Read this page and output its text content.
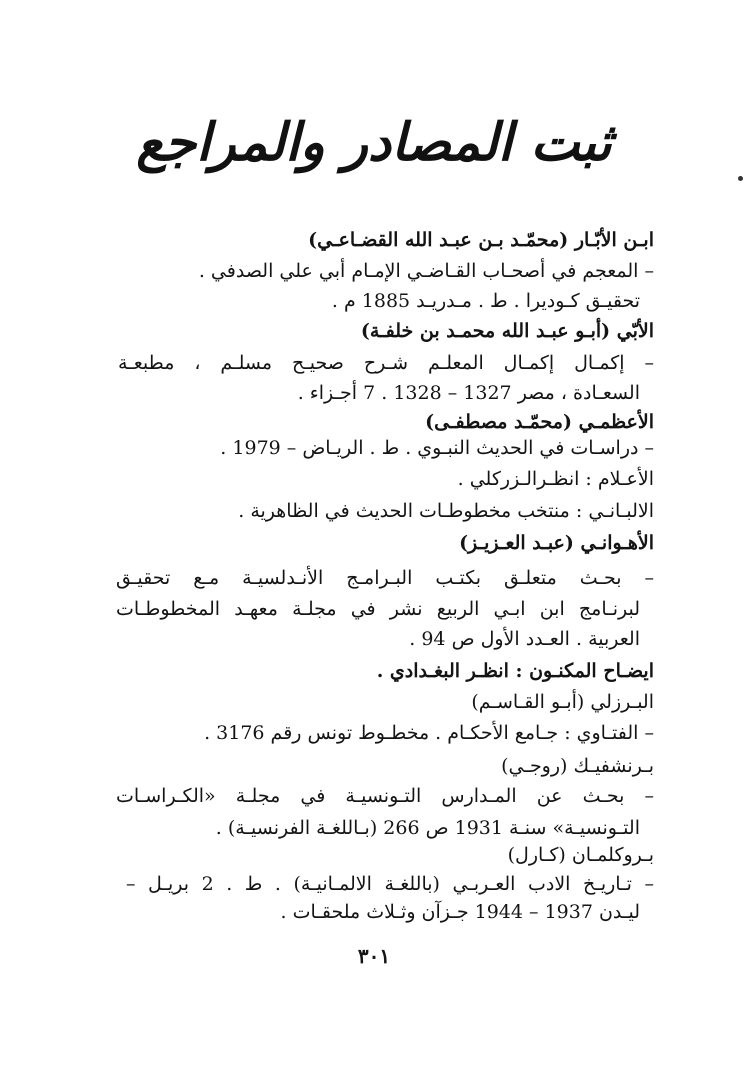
ثبت المصادر والمراجع
ابـن الأبّـار (محمّـد بـن عبـد الله القضـاعـي)
– المعجم في أصحـاب القـاضـي الإمـام أبي علي الصدفي .
تحقيـق كـوديرا . ط . مـدريـد 1885 م .
الأبّي (أبـو عبـد الله محمـد بن خلفـة)
– إكمـال إكمـال المعلـم شـرح صحيـح مسلـم ، مطبعـة
السعـادة ، مصر 1327 – 1328 . 7 أجـزاء .
الأعظمـي (محمّـد مصطفـى)
– دراسـات في الحديث النبـوي . ط . الريـاض – 1979 .
الأعـلام : انظـرالـزركلي .
الالبـانـي : منتخب مخطوطـات الحديث في الظاهرية .
الأهـوانـي (عبـد العـزيـز)
– بحـث متعلـق بكتـب البـرامـج الأنـدلسيـة مـع تحقيـق
لبرنـامج ابن ابـي الربيع نشر في مجلـة معهـد المخطوطـات
العربية . العـدد الأول ص 94 .
ايضـاح المكنـون : انظـر البغـدادي .
البـرزلي (أبـو القـاسـم)
– الفتـاوي : جـامع الأحكـام . مخطـوط تونس رقم 3176 .
بـرنشفيـك (روجـي)
– بحـث عن المـدارس التـونسيـة في مجلـة «الكـراسـات
التـونسيـة» سنـة 1931 ص 266 (بـاللغـة الفرنسيـة) .
بـروكلمـان (كـارل)
– تـاريـخ الادب العـربـي (باللغـة الالمـانيـة) . ط . 2 بريـل –
ليـدن 1937 – 1944 جـزآن وثـلاث ملحقـات .
٣٠١
